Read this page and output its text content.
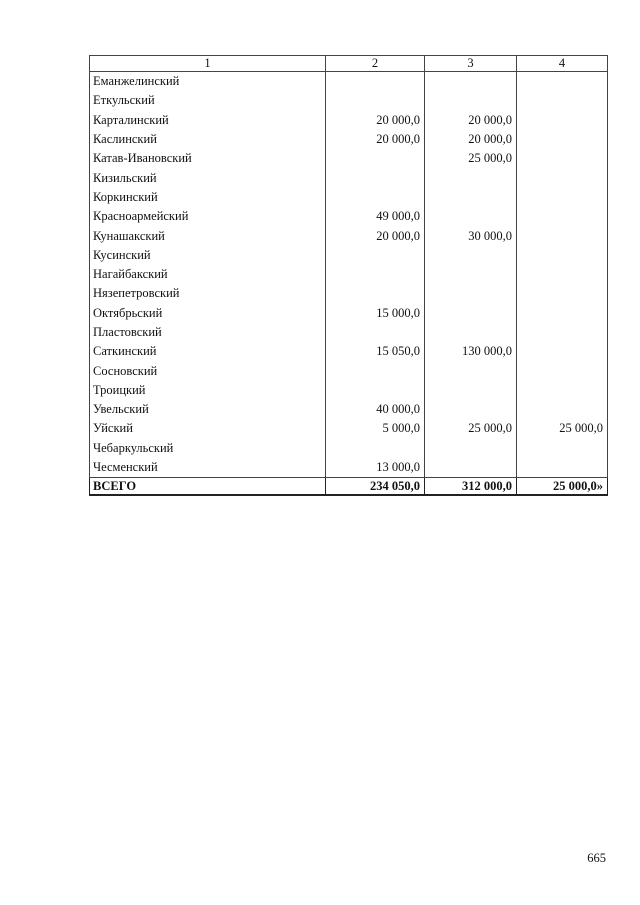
1	2	3	4
Еманжелинский			
Еткульский			
Карталинский	20 000,0	20 000,0	
Каслинский	20 000,0	20 000,0	
Катав-Ивановский		25 000,0	
Кизильский			
Коркинский			
Красноармейский	49 000,0		
Кунашакский	20 000,0	30 000,0	
Кусинский			
Нагайбакский			
Нязепетровский			
Октябрьский	15 000,0		
Пластовский			
Саткинский	15 050,0	130 000,0	
Сосновский			
Троицкий			
Увельский	40 000,0		
Уйский	5 000,0	25 000,0	25 000,0
Чебаркульский			
Чесменский	13 000,0		
ВСЕГО	234 050,0	312 000,0	25 000,0»
665
